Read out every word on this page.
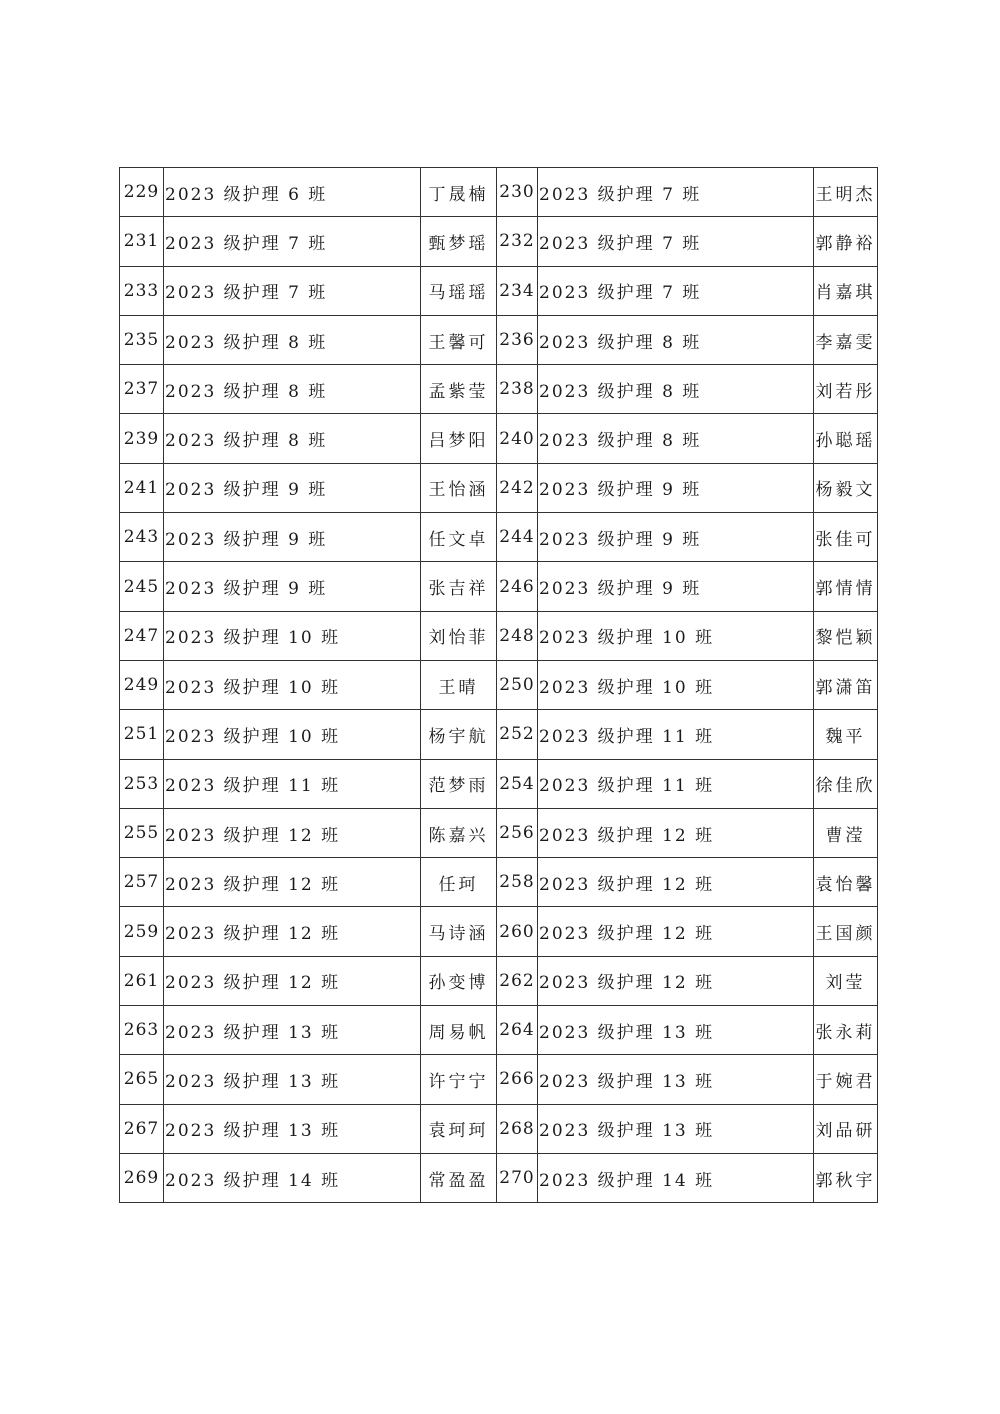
229	2023 级护理 6 班	丁晟楠	230	2023 级护理 7 班	王明杰
231	2023 级护理 7 班	甄梦瑶	232	2023 级护理 7 班	郭静裕
233	2023 级护理 7 班	马瑶瑶	234	2023 级护理 7 班	肖嘉琪
235	2023 级护理 8 班	王馨可	236	2023 级护理 8 班	李嘉雯
237	2023 级护理 8 班	孟紫莹	238	2023 级护理 8 班	刘若彤
239	2023 级护理 8 班	吕梦阳	240	2023 级护理 8 班	孙聪瑶
241	2023 级护理 9 班	王怡涵	242	2023 级护理 9 班	杨毅文
243	2023 级护理 9 班	任文卓	244	2023 级护理 9 班	张佳可
245	2023 级护理 9 班	张吉祥	246	2023 级护理 9 班	郭情情
247	2023 级护理 10 班	刘怡菲	248	2023 级护理 10 班	黎恺颖
249	2023 级护理 10 班	王晴	250	2023 级护理 10 班	郭潇笛
251	2023 级护理 10 班	杨宇航	252	2023 级护理 11 班	魏平
253	2023 级护理 11 班	范梦雨	254	2023 级护理 11 班	徐佳欣
255	2023 级护理 12 班	陈嘉兴	256	2023 级护理 12 班	曹滢
257	2023 级护理 12 班	任珂	258	2023 级护理 12 班	袁怡馨
259	2023 级护理 12 班	马诗涵	260	2023 级护理 12 班	王国颜
261	2023 级护理 12 班	孙变博	262	2023 级护理 12 班	刘莹
263	2023 级护理 13 班	周易帆	264	2023 级护理 13 班	张永莉
265	2023 级护理 13 班	许宁宁	266	2023 级护理 13 班	于婉君
267	2023 级护理 13 班	袁珂珂	268	2023 级护理 13 班	刘品研
269	2023 级护理 14 班	常盈盈	270	2023 级护理 14 班	郭秋宇
